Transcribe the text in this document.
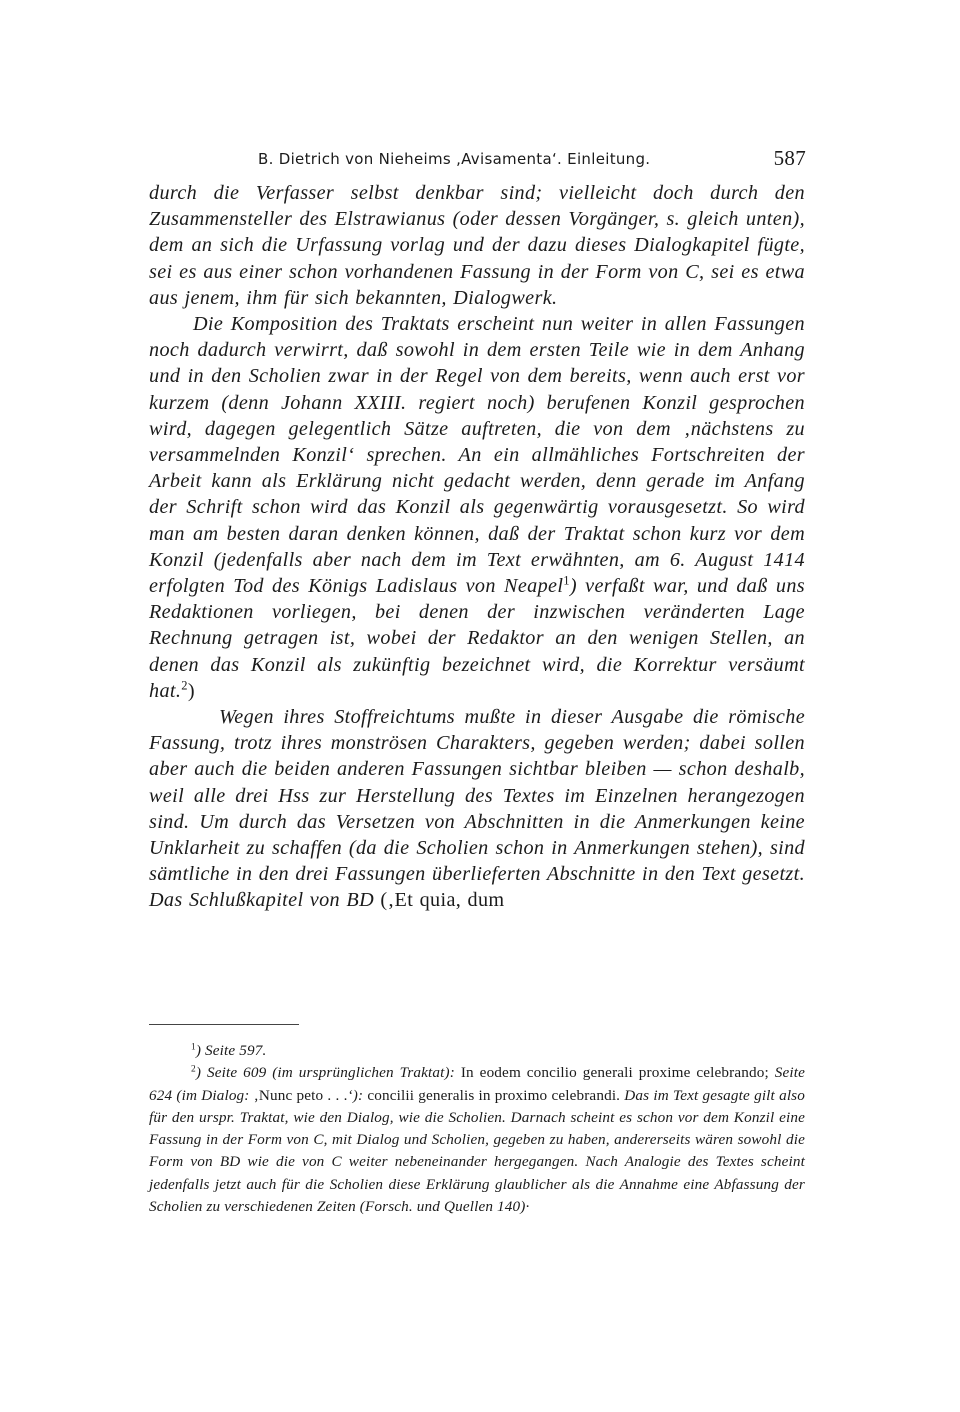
B. Dietrich von Nieheims ‚Avisamenta‘. Einleitung.	587

durch die Verfasser selbst denkbar sind; vielleicht doch durch den Zusammensteller des Elstrawianus (oder dessen Vorgänger, s. gleich unten), dem an sich die Urfassung vorlag und der dazu dieses Dialogkapitel fügte, sei es aus einer schon vorhandenen Fassung in der Form von C, sei es etwa aus jenem, ihm für sich bekannten, Dialogwerk.

Die Komposition des Traktats erscheint nun weiter in allen Fassungen noch dadurch verwirrt, daß sowohl in dem ersten Teile wie in dem Anhang und in den Scholien zwar in der Regel von dem bereits, wenn auch erst vor kurzem (denn Johann XXIII. regiert noch) berufenen Konzil gesprochen wird, dagegen gelegentlich Sätze auftreten, die von dem ‚nächstens zu versammelnden Konzil‘ sprechen. An ein allmähliches Fortschreiten der Arbeit kann als Erklärung nicht gedacht werden, denn gerade im Anfang der Schrift schon wird das Konzil als gegenwärtig vorausgesetzt. So wird man am besten daran denken können, daß der Traktat schon kurz vor dem Konzil (jedenfalls aber nach dem im Text erwähnten, am 6. August 1414 erfolgten Tod des Königs Ladislaus von Neapel$^1$) verfaßt war, und daß uns Redaktionen vorliegen, bei denen der inzwischen veränderten Lage Rechnung getragen ist, wobei der Redaktor an den wenigen Stellen, an denen das Konzil als zukünftig bezeichnet wird, die Korrektur versäumt hat.$^2$)

Wegen ihres Stoffreichtums mußte in dieser Ausgabe die römische Fassung, trotz ihres monströsen Charakters, gegeben werden; dabei sollen aber auch die beiden anderen Fassungen sichtbar bleiben — schon deshalb, weil alle drei Hss zur Herstellung des Textes im Einzelnen herangezogen sind. Um durch das Versetzen von Abschnitten in die Anmerkungen keine Unklarheit zu schaffen (da die Scholien schon in Anmerkungen stehen), sind sämtliche in den drei Fassungen überlieferten Abschnitte in den Text gesetzt. Das Schlußkapitel von BD (‚Et quia, dum

$^1$) Seite 597.

$^2$) Seite 609 (im ursprünglichen Traktat): In eodem concilio generali proxime celebrando; Seite 624 (im Dialog: ‚Nunc peto . . .‘): concilii generalis in proximo celebrandi. Das im Text gesagte gilt also für den urspr. Traktat, wie den Dialog, wie die Scholien. Darnach scheint es schon vor dem Konzil eine Fassung in der Form von C, mit Dialog und Scholien, gegeben zu haben, andererseits wären sowohl die Form von BD wie die von C weiter nebeneinander hergegangen. Nach Analogie des Textes scheint jedenfalls jetzt auch für die Scholien diese Erklärung glaublicher als die Annahme eine Abfassung der Scholien zu verschiedenen Zeiten (Forsch. und Quellen 140)·
